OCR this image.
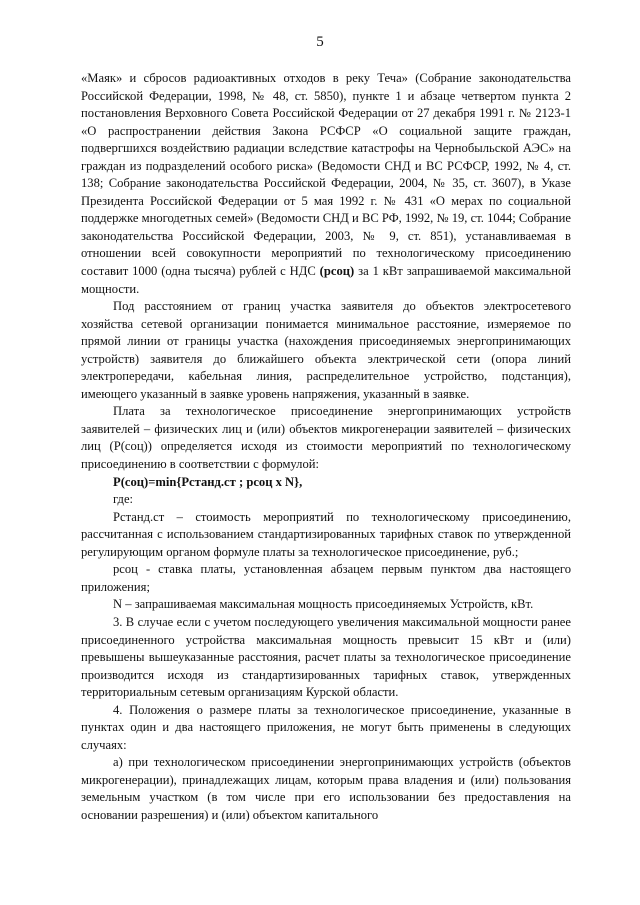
5

«Маяк» и сбросов радиоактивных отходов в реку Теча» (Собрание законодательства Российской Федерации, 1998, № 48, ст. 5850), пункте 1 и абзаце четвертом пункта 2 постановления Верховного Совета Российской Федерации от 27 декабря 1991 г. № 2123-1 «О распространении действия Закона РСФСР «О социальной защите граждан, подвергшихся воздействию радиации вследствие катастрофы на Чернобыльской АЭС» на граждан из подразделений особого риска» (Ведомости СНД и ВС РСФСР, 1992, № 4, ст. 138; Собрание законодательства Российской Федерации, 2004, № 35, ст. 3607), в Указе Президента Российской Федерации от 5 мая 1992 г. № 431 «О мерах по социальной поддержке многодетных семей» (Ведомости СНД и ВС РФ, 1992, № 19, ст. 1044; Собрание законодательства Российской Федерации, 2003, № 9, ст. 851), устанавливаемая в отношении всей совокупности мероприятий по технологическому присоединению составит 1000 (одна тысяча) рублей с НДС (рсоц) за 1 кВт запрашиваемой максимальной мощности.

Под расстоянием от границ участка заявителя до объектов электросетевого хозяйства сетевой организации понимается минимальное расстояние, измеряемое по прямой линии от границы участка (нахождения присоединяемых энергопринимающих устройств) заявителя до ближайшего объекта электрической сети (опора линий электропередачи, кабельная линия, распределительное устройство, подстанция), имеющего указанный в заявке уровень напряжения, указанный в заявке.

Плата за технологическое присоединение энергопринимающих устройств заявителей – физических лиц и (или) объектов микрогенерации заявителей – физических лиц (Р(соц)) определяется исходя из стоимости мероприятий по технологическому присоединению в соответствии с формулой:

Р(соц)=min{Рстанд.ст ; рсоц х N},

где:

Рстанд.ст – стоимость мероприятий по технологическому присоединению, рассчитанная с использованием стандартизированных тарифных ставок по утвержденной регулирующим органом формуле платы за технологическое присоединение, руб.;

рсоц - ставка платы, установленная абзацем первым пунктом два настоящего приложения;

N – запрашиваемая максимальная мощность присоединяемых Устройств, кВт.

3. В случае если с учетом последующего увеличения максимальной мощности ранее присоединенного устройства максимальная мощность превысит 15 кВт и (или) превышены вышеуказанные расстояния, расчет платы за технологическое присоединение производится исходя из стандартизированных тарифных ставок, утвержденных территориальным сетевым организациям Курской области.

4. Положения о размере платы за технологическое присоединение, указанные в пунктах один и два настоящего приложения, не могут быть применены в следующих случаях:

а) при технологическом присоединении энергопринимающих устройств (объектов микрогенерации), принадлежащих лицам, которым права владения и (или) пользования земельным участком (в том числе при его использовании без предоставления на основании разрешения) и (или) объектом капитального
